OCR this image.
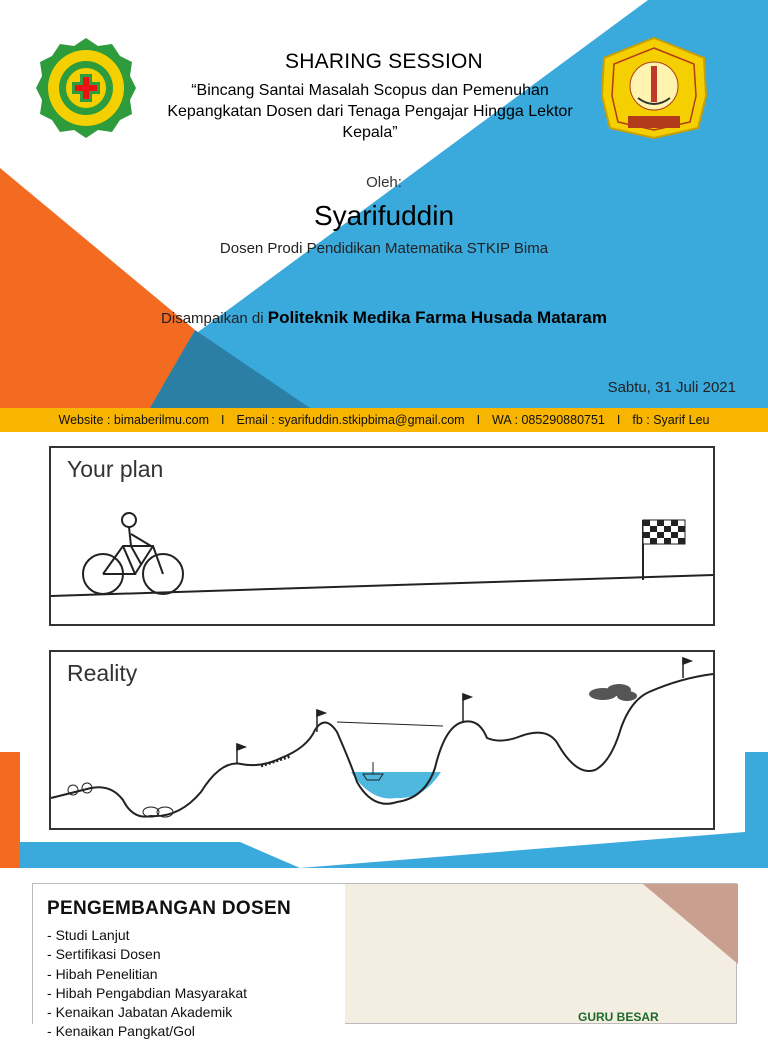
SHARING SESSION
“Bincang Santai Masalah Scopus dan Pemenuhan Kepangkatan Dosen dari Tenaga Pengajar Hingga Lektor Kepala”
Oleh:
Syarifuddin
Dosen Prodi Pendidikan Matematika STKIP Bima
Disampaikan di Politeknik Medika Farma Husada Mataram
Sabtu, 31 Juli 2021
Website : bimaberilmu.com I Email : syarifuddin.stkipbima@gmail.com I WA : 085290880751 I fb : Syarif Leu
Your plan
Reality
PENGEMBANGAN DOSEN
- Studi Lanjut
- Sertifikasi Dosen
- Hibah Penelitian
- Hibah Pengabdian Masyarakat
- Kenaikan Jabatan Akademik
- Kenaikan Pangkat/Gol
GURU BESAR
